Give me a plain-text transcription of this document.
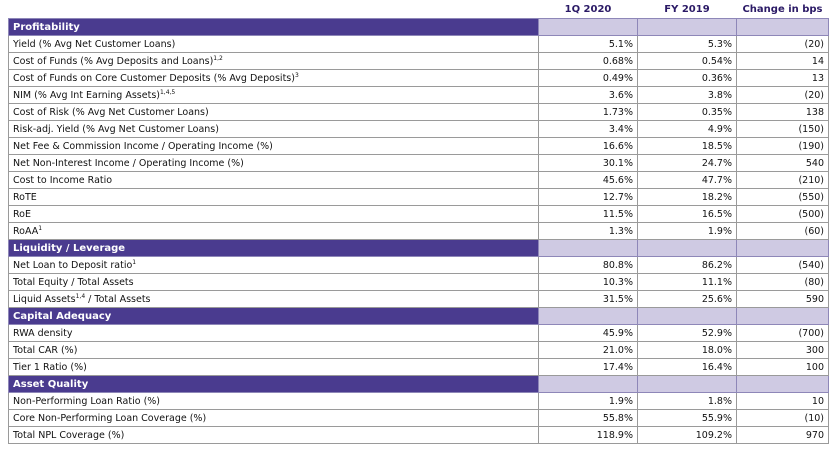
	1Q 2020	FY 2019	Change in bps
Profitability			
Yield (% Avg Net Customer Loans)	5.1%	5.3%	(20)
Cost of Funds (% Avg Deposits and Loans)$^{1,2}$	0.68%	0.54%	14
Cost of Funds on Core Customer Deposits (% Avg Deposits)$^3$	0.49%	0.36%	13
NIM (% Avg Int Earning Assets)$^{1,4,5}$	3.6%	3.8%	(20)
Cost of Risk (% Avg Net Customer Loans)	1.73%	0.35%	138
Risk-adj. Yield (% Avg Net Customer Loans)	3.4%	4.9%	(150)
Net Fee & Commission Income / Operating Income (%)	16.6%	18.5%	(190)
Net Non-Interest Income / Operating Income (%)	30.1%	24.7%	540
Cost to Income Ratio	45.6%	47.7%	(210)
RoTE	12.7%	18.2%	(550)
RoE	11.5%	16.5%	(500)
RoAA$^1$	1.3%	1.9%	(60)
Liquidity / Leverage			
Net Loan to Deposit ratio$^1$	80.8%	86.2%	(540)
Total Equity / Total Assets	10.3%	11.1%	(80)
Liquid Assets$^{1,4}$ / Total Assets	31.5%	25.6%	590
Capital Adequacy			
RWA density	45.9%	52.9%	(700)
Total CAR (%)	21.0%	18.0%	300
Tier 1 Ratio (%)	17.4%	16.4%	100
Asset Quality			
Non-Performing Loan Ratio (%)	1.9%	1.8%	10
Core Non-Performing Loan Coverage (%)	55.8%	55.9%	(10)
Total NPL Coverage (%)	118.9%	109.2%	970
